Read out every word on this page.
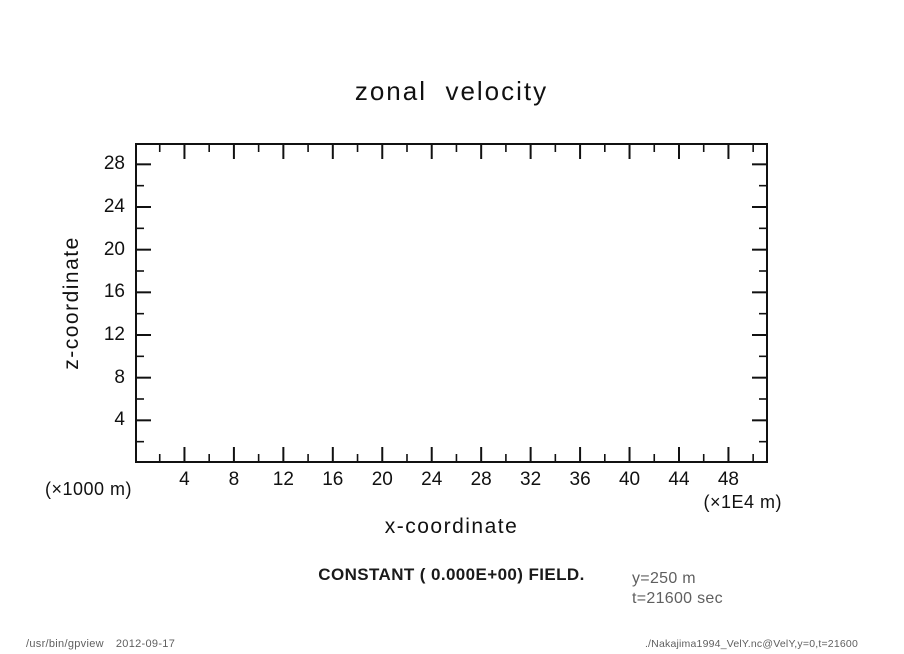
zonal  velocity
z-coordinate
4
8
12
16
20
24
28
4 8 12 16 20 24 28 32 36 40 44 48
(×1000 m)
(×1E4 m)
x-coordinate
CONSTANT ( 0.000E+00) FIELD.	y=250 m
t=21600 sec
/usr/bin/gpview 2012-09-17	./Nakajima1994_VelY.nc@VelY,y=0,t=21600
